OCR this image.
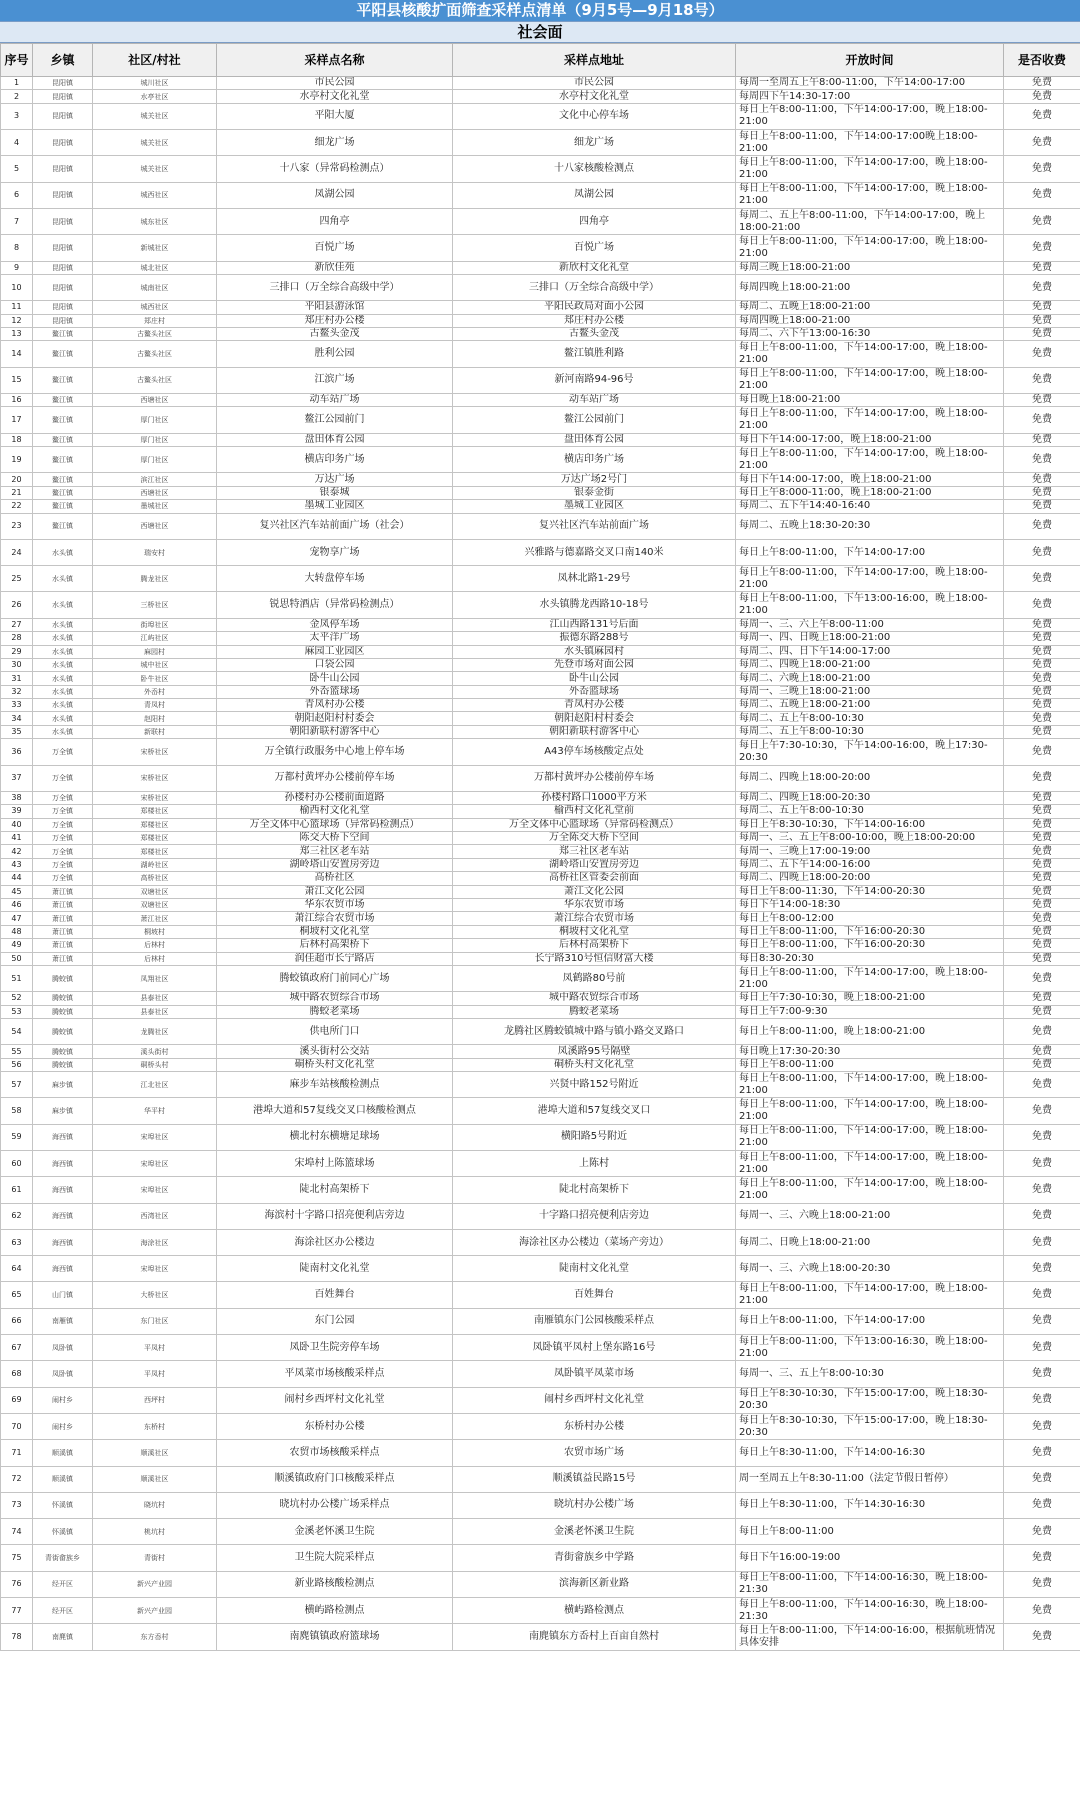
平阳县核酸扩面筛查采样点清单（9月5号—9月18号）
社会面
序号	乡镇	社区/村社	采样点名称	采样点地址	开放时间	是否收费
1	昆阳镇	城川社区	市民公园	市民公园	每周一至周五上午8:00-11:00，下午14:00-17:00	免费
2	昆阳镇	水亭社区	水亭村文化礼堂	水亭村文化礼堂	每周四下午14:30-17:00	免费
3	昆阳镇	城关社区	平阳大厦	文化中心停车场	每日上午8:00-11:00，下午14:00-17:00，晚上18:00-21:00	免费
4	昆阳镇	城关社区	细龙广场	细龙广场	每日上午8:00-11:00，下午14:00-17:00晚上18:00-21:00	免费
5	昆阳镇	城关社区	十八家（异常码检测点）	十八家核酸检测点	每日上午8:00-11:00，下午14:00-17:00，晚上18:00-21:00	免费
6	昆阳镇	城西社区	凤湖公园	凤湖公园	每日上午8:00-11:00，下午14:00-17:00，晚上18:00-21:00	免费
7	昆阳镇	城东社区	四角亭	四角亭	每周二、五上午8:00-11:00，下午14:00-17:00，晚上18:00-21:00	免费
8	昆阳镇	新城社区	百悦广场	百悦广场	每日上午8:00-11:00，下午14:00-17:00，晚上18:00-21:00	免费
9	昆阳镇	城北社区	新欣佳苑	新欣村文化礼堂	每周三晚上18:00-21:00	免费
10	昆阳镇	城南社区	三排口（万全综合高级中学）	三排口（万全综合高级中学）	每周四晚上18:00-21:00	免费
11	昆阳镇	城西社区	平阳县游泳馆	平阳民政局对面小公园	每周二、五晚上18:00-21:00	免费
12	昆阳镇	郑庄村	郑庄村办公楼	郑庄村办公楼	每周四晚上18:00-21:00	免费
13	鳌江镇	古鳌头社区	古鳌头金茂	古鳌头金茂	每周二、六下午13:00-16:30	免费
14	鳌江镇	古鳌头社区	胜利公园	鳌江镇胜利路	每日上午8:00-11:00，下午14:00-17:00，晚上18:00-21:00	免费
15	鳌江镇	古鳌头社区	江滨广场	新河南路94-96号	每日上午8:00-11:00，下午14:00-17:00，晚上18:00-21:00	免费
16	鳌江镇	西塘社区	动车站广场	动车站广场	每日晚上18:00-21:00	免费
17	鳌江镇	厚门社区	鳌江公园前门	鳌江公园前门	每日上午8:00-11:00，下午14:00-17:00，晚上18:00-21:00	免费
18	鳌江镇	厚门社区	盘田体育公园	盘田体育公园	每日下午14:00-17:00，晚上18:00-21:00	免费
19	鳌江镇	厚门社区	横店印务广场	横店印务广场	每日上午8:00-11:00，下午14:00-17:00，晚上18:00-21:00	免费
20	鳌江镇	滨江社区	万达广场	万达广场2号门	每日下午14:00-17:00，晚上18:00-21:00	免费
21	鳌江镇	西塘社区	银泰城	银泰金街	每日上午8:000-11:00，晚上18:00-21:00	免费
22	鳌江镇	墨城社区	墨城工业园区	墨城工业园区	每周二、五下午14:40-16:40	免费
23	鳌江镇	西塘社区	复兴社区汽车站前面广场（社会）	复兴社区汽车站前面广场	每周二、五晚上18:30-20:30	免费
24	水头镇	瑞安村	宠物享广场	兴雅路与德嘉路交叉口南140米	每日上午8:00-11:00，下午14:00-17:00	免费
25	水头镇	腾龙社区	大转盘停车场	凤林北路1-29号	每日上午8:00-11:00，下午14:00-17:00，晚上18:00-21:00	免费
26	水头镇	三桥社区	锐思特酒店（异常码检测点）	水头镇腾龙西路10-18号	每日上午8:00-11:00，下午13:00-16:00，晚上18:00-21:00	免费
27	水头镇	街埠社区	金凤停车场	江山西路131号后面	每周一、三、六上午8:00-11:00	免费
28	水头镇	江屿社区	太平洋广场	振德东路288号	每周一、四、日晚上18:00-21:00	免费
29	水头镇	麻园村	麻园工业园区	水头镇麻园村	每周二、四、日下午14:00-17:00	免费
30	水头镇	城中社区	口袋公园	先登市场对面公园	每周二、四晚上18:00-21:00	免费
31	水头镇	卧牛社区	卧牛山公园	卧牛山公园	每周二、六晚上18:00-21:00	免费
32	水头镇	外岙村	外岙篮球场	外岙篮球场	每周一、三晚上18:00-21:00	免费
33	水头镇	青凤村	青凤村办公楼	青凤村办公楼	每周二、五晚上18:00-21:00	免费
34	水头镇	赵阳村	朝阳赵阳村村委会	朝阳赵阳村村委会	每周二、五上午8:00-10:30	免费
35	水头镇	新联村	朝阳新联村游客中心	朝阳新联村游客中心	每周二、五上午8:00-10:30	免费
36	万全镇	宋桥社区	万全镇行政服务中心地上停车场	A43停车场核酸定点处	每日上午7:30-10:30，下午14:00-16:00，晚上17:30-20:30	免费
37	万全镇	宋桥社区	万都村黄坪办公楼前停车场	万都村黄坪办公楼前停车场	每周二、四晚上18:00-20:00	免费
38	万全镇	宋桥社区	孙楼村办公楼前面道路	孙楼村路口1000平方米	每周二、四晚上18:00-20:30	免费
39	万全镇	郑楼社区	榆西村文化礼堂	榆西村文化礼堂前	每周二、五上午8:00-10:30	免费
40	万全镇	郑楼社区	万全文体中心篮球场（异常码检测点）	万全文体中心篮球场（异常码检测点）	每日上午8:30-10:30，下午14:00-16:00	免费
41	万全镇	郑楼社区	陈交大桥下空间	万全陈交大桥下空间	每周一、三、五上午8:00-10:00，晚上18:00-20:00	免费
42	万全镇	郑楼社区	郑三社区老车站	郑三社区老车站	每周一、三晚上17:00-19:00	免费
43	万全镇	湖岭社区	湖岭塔山安置房旁边	湖岭塔山安置房旁边	每周二、五下午14:00-16:00	免费
44	万全镇	高桥社区	高桥社区	高桥社区管委会前面	每周二、四晚上18:00-20:00	免费
45	萧江镇	双塘社区	萧江文化公园	萧江文化公园	每日上午8:00-11:30，下午14:00-20:30	免费
46	萧江镇	双塘社区	华东农贸市场	华东农贸市场	每日下午14:00-18:30	免费
47	萧江镇	萧江社区	萧江综合农贸市场	萧江综合农贸市场	每日上午8:00-12:00	免费
48	萧江镇	桐坡村	桐坡村文化礼堂	桐坡村文化礼堂	每日上午8:00-11:00，下午16:00-20:30	免费
49	萧江镇	后林村	后林村高架桥下	后林村高架桥下	每日上午8:00-11:00，下午16:00-20:30	免费
50	萧江镇	后林村	润佳超市长宁路店	长宁路310号恒信财富大楼	每日8:30-20:30	免费
51	腾蛟镇	凤翔社区	腾蛟镇政府门前同心广场	凤鹤路80号前	每日上午8:00-11:00，下午14:00-17:00，晚上18:00-21:00	免费
52	腾蛟镇	县泰社区	城中路农贸综合市场	城中路农贸综合市场	每日上午7:30-10:30，晚上18:00-21:00	免费
53	腾蛟镇	县泰社区	腾蛟老菜场	腾蛟老菜场	每日上午7:00-9:30	免费
54	腾蛟镇	龙腾社区	供电所门口	龙腾社区腾蛟镇城中路与镇小路交叉路口	每日上午8:00-11:00，晚上18:00-21:00	免费
55	腾蛟镇	溪头街村	溪头街村公交站	凤溪路95号隔壁	每日晚上17:30-20:30	免费
56	腾蛟镇	硐桥头村	硐桥头村文化礼堂	硐桥头村文化礼堂	每日上午8:00-11:00	免费
57	麻步镇	江北社区	麻步车站核酸检测点	兴贤中路152号附近	每日上午8:00-11:00，下午14:00-17:00，晚上18:00-21:00	免费
58	麻步镇	华平村	港埠大道和57复线交叉口核酸检测点	港埠大道和57复线交叉口	每日上午8:00-11:00，下午14:00-17:00，晚上18:00-21:00	免费
59	海西镇	宋埠社区	横北村东横塘足球场	横阳路5号附近	每日上午8:00-11:00，下午14:00-17:00，晚上18:00-21:00	免费
60	海西镇	宋埠社区	宋埠村上陈篮球场	上陈村	每日上午8:00-11:00，下午14:00-17:00，晚上18:00-21:00	免费
61	海西镇	宋埠社区	陡北村高架桥下	陡北村高架桥下	每日上午8:00-11:00，下午14:00-17:00，晚上18:00-21:00	免费
62	海西镇	西湾社区	海滨村十字路口招亮便利店旁边	十字路口招亮便利店旁边	每周一、三、六晚上18:00-21:00	免费
63	海西镇	海涂社区	海涂社区办公楼边	海涂社区办公楼边（菜场产旁边）	每周二、日晚上18:00-21:00	免费
64	海西镇	宋埠社区	陡南村文化礼堂	陡南村文化礼堂	每周一、三、六晚上18:00-20:30	免费
65	山门镇	大桥社区	百姓舞台	百姓舞台	每日上午8:00-11:00，下午14:00-17:00，晚上18:00-21:00	免费
66	南雁镇	东门社区	东门公园	南雁镇东门公园核酸采样点	每日上午8:00-11:00，下午14:00-17:00	免费
67	凤卧镇	平凤村	凤卧卫生院旁停车场	凤卧镇平凤村上堡东路16号	每日上午8:00-11:00，下午13:00-16:30，晚上18:00-21:00	免费
68	凤卧镇	平凤村	平凤菜市场核酸采样点	凤卧镇平凤菜市场	每周一、三、五上午8:00-10:30	免费
69	闹村乡	西坪村	闹村乡西坪村文化礼堂	闹村乡西坪村文化礼堂	每日上午8:30-10:30，下午15:00-17:00，晚上18:30-20:30	免费
70	闹村乡	东桥村	东桥村办公楼	东桥村办公楼	每日上午8:30-10:30，下午15:00-17:00，晚上18:30-20:30	免费
71	顺溪镇	顺溪社区	农贸市场核酸采样点	农贸市场广场	每日上午8:30-11:00，下午14:00-16:30	免费
72	顺溪镇	顺溪社区	顺溪镇政府门口核酸采样点	顺溪镇益民路15号	周一至周五上午8:30-11:00（法定节假日暂停）	免费
73	怀溪镇	晓坑村	晓坑村办公楼广场采样点	晓坑村办公楼广场	每日上午8:30-11:00，下午14:30-16:30	免费
74	怀溪镇	桃坑村	金溪老怀溪卫生院	金溪老怀溪卫生院	每日上午8:00-11:00	免费
75	青街畲族乡	青街村	卫生院大院采样点	青街畲族乡中学路	每日下午16:00-19:00	免费
76	经开区	新兴产业园	新业路核酸检测点	滨海新区新业路	每日上午8:00-11:00，下午14:00-16:30，晚上18:00-21:30	免费
77	经开区	新兴产业园	横屿路检测点	横屿路检测点	每日上午8:00-11:00，下午14:00-16:30，晚上18:00-21:30	免费
78	南麂镇	东方岙村	南麂镇镇政府篮球场	南麂镇东方岙村上百亩自然村	每日上午8:00-11:00，下午14:00-16:00，根据航班情况具体安排	免费
